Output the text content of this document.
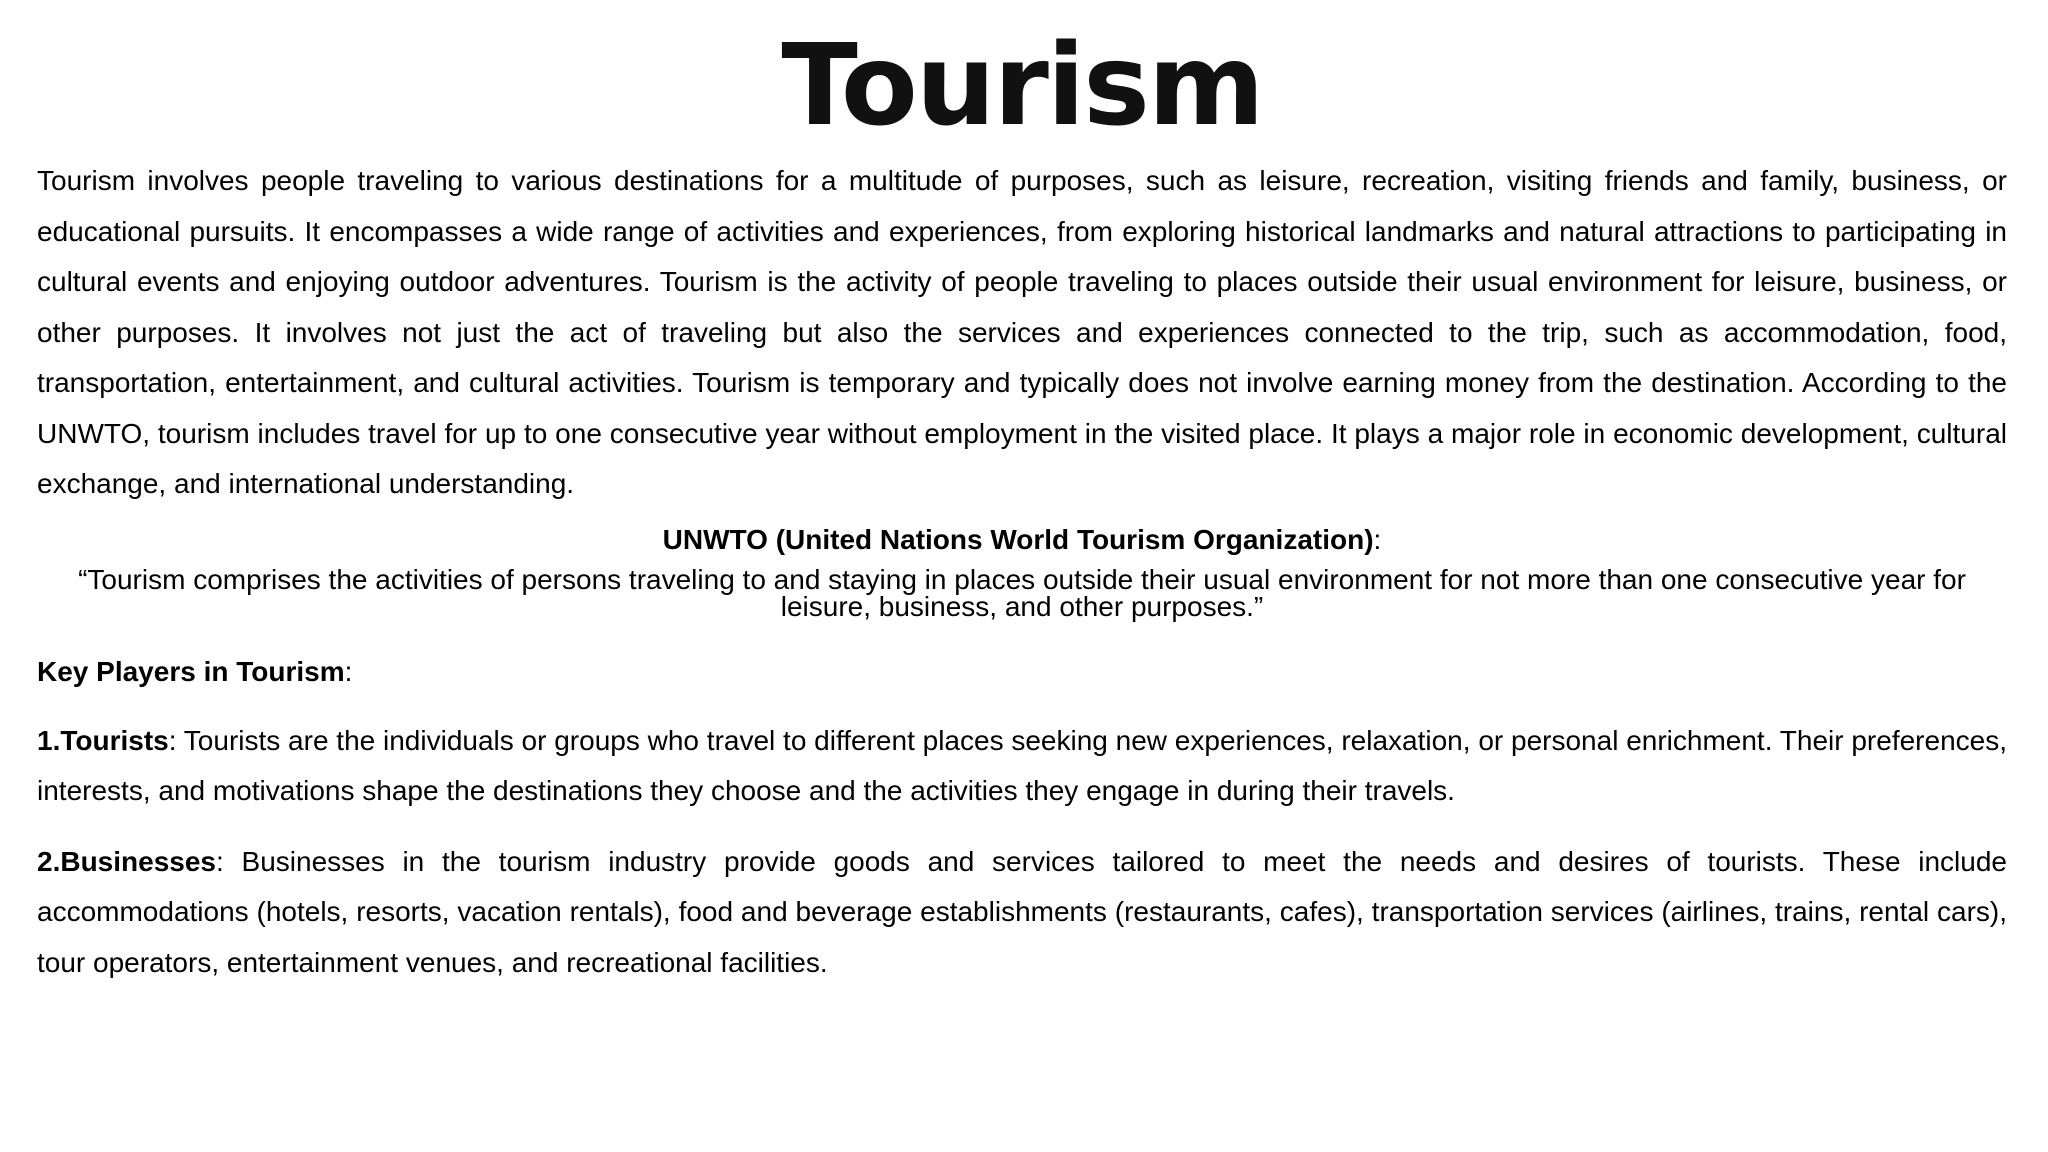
Tourism

Tourism involves people traveling to various destinations for a multitude of purposes, such as leisure, recreation, visiting friends and family, business, or educational pursuits. It encompasses a wide range of activities and experiences, from exploring historical landmarks and natural attractions to participating in cultural events and enjoying outdoor adventures. Tourism is the activity of people traveling to places outside their usual environment for leisure, business, or other purposes. It involves not just the act of traveling but also the services and experiences connected to the trip, such as accommodation, food, transportation, entertainment, and cultural activities. Tourism is temporary and typically does not involve earning money from the destination. According to the UNWTO, tourism includes travel for up to one consecutive year without employment in the visited place. It plays a major role in economic development, cultural exchange, and international understanding.

UNWTO (United Nations World Tourism Organization):

“Tourism comprises the activities of persons traveling to and staying in places outside their usual environment for not more than one consecutive year for leisure, business, and other purposes.”

Key Players in Tourism:

1.Tourists: Tourists are the individuals or groups who travel to different places seeking new experiences, relaxation, or personal enrichment. Their preferences, interests, and motivations shape the destinations they choose and the activities they engage in during their travels.

2.Businesses: Businesses in the tourism industry provide goods and services tailored to meet the needs and desires of tourists. These include accommodations (hotels, resorts, vacation rentals), food and beverage establishments (restaurants, cafes), transportation services (airlines, trains, rental cars), tour operators, entertainment venues, and recreational facilities.
